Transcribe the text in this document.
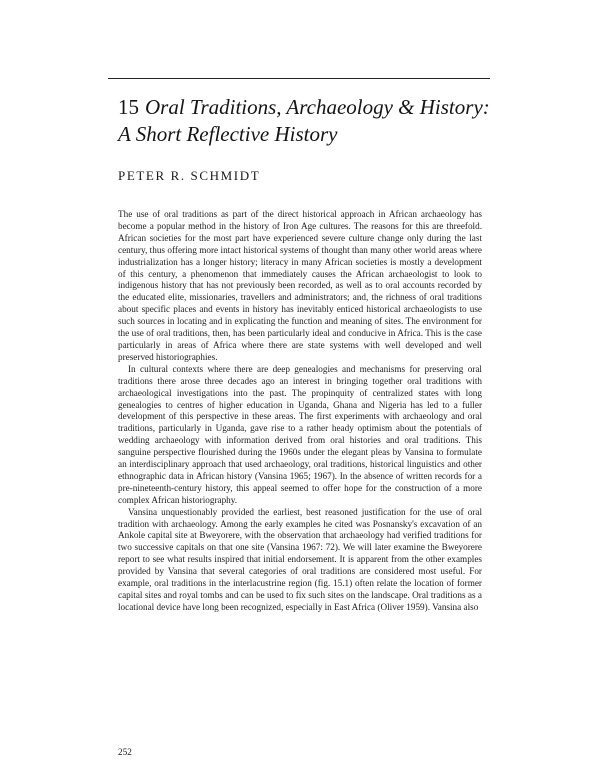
15 Oral Traditions, Archaeology & History:
A Short Reflective History

PETER R. SCHMIDT

The use of oral traditions as part of the direct historical approach in African archaeology has become a popular method in the history of Iron Age cultures. The reasons for this are threefold. African societies for the most part have experienced severe culture change only during the last century, thus offering more intact historical systems of thought than many other world areas where industrialization has a longer history; literacy in many African societies is mostly a development of this century, a phenomenon that immediately causes the African archaeologist to look to indigenous history that has not previously been recorded, as well as to oral accounts recorded by the educated elite, missionaries, travellers and administrators; and, the richness of oral traditions about specific places and events in history has inevitably enticed historical archaeologists to use such sources in locating and in explicating the function and meaning of sites. The environment for the use of oral traditions, then, has been particularly ideal and conducive in Africa. This is the case particularly in areas of Africa where there are state systems with well developed and well preserved historiographies.

In cultural contexts where there are deep genealogies and mechanisms for preserving oral traditions there arose three decades ago an interest in bringing together oral traditions with archaeological investigations into the past. The propinquity of centralized states with long genealogies to centres of higher education in Uganda, Ghana and Nigeria has led to a fuller development of this perspective in these areas. The first experiments with archaeology and oral traditions, particularly in Uganda, gave rise to a rather heady optimism about the potentials of wedding archaeology with information derived from oral histories and oral traditions. This sanguine perspective flourished during the 1960s under the elegant pleas by Vansina to formulate an interdisciplinary approach that used archaeology, oral traditions, historical linguistics and other ethnographic data in African history (Vansina 1965; 1967). In the absence of written records for a pre-nineteenth-century history, this appeal seemed to offer hope for the construction of a more complex African historiography.

Vansina unquestionably provided the earliest, best reasoned justification for the use of oral tradition with archaeology. Among the early examples he cited was Posnansky's excavation of an Ankole capital site at Bweyorere, with the observation that archaeology had verified traditions for two successive capitals on that one site (Vansina 1967: 72). We will later examine the Bweyorere report to see what results inspired that initial endorsement. It is apparent from the other examples provided by Vansina that several categories of oral traditions are considered most useful. For example, oral traditions in the interlacustrine region (fig. 15.1) often relate the location of former capital sites and royal tombs and can be used to fix such sites on the landscape. Oral traditions as a locational device have long been recognized, especially in East Africa (Oliver 1959). Vansina also

252
